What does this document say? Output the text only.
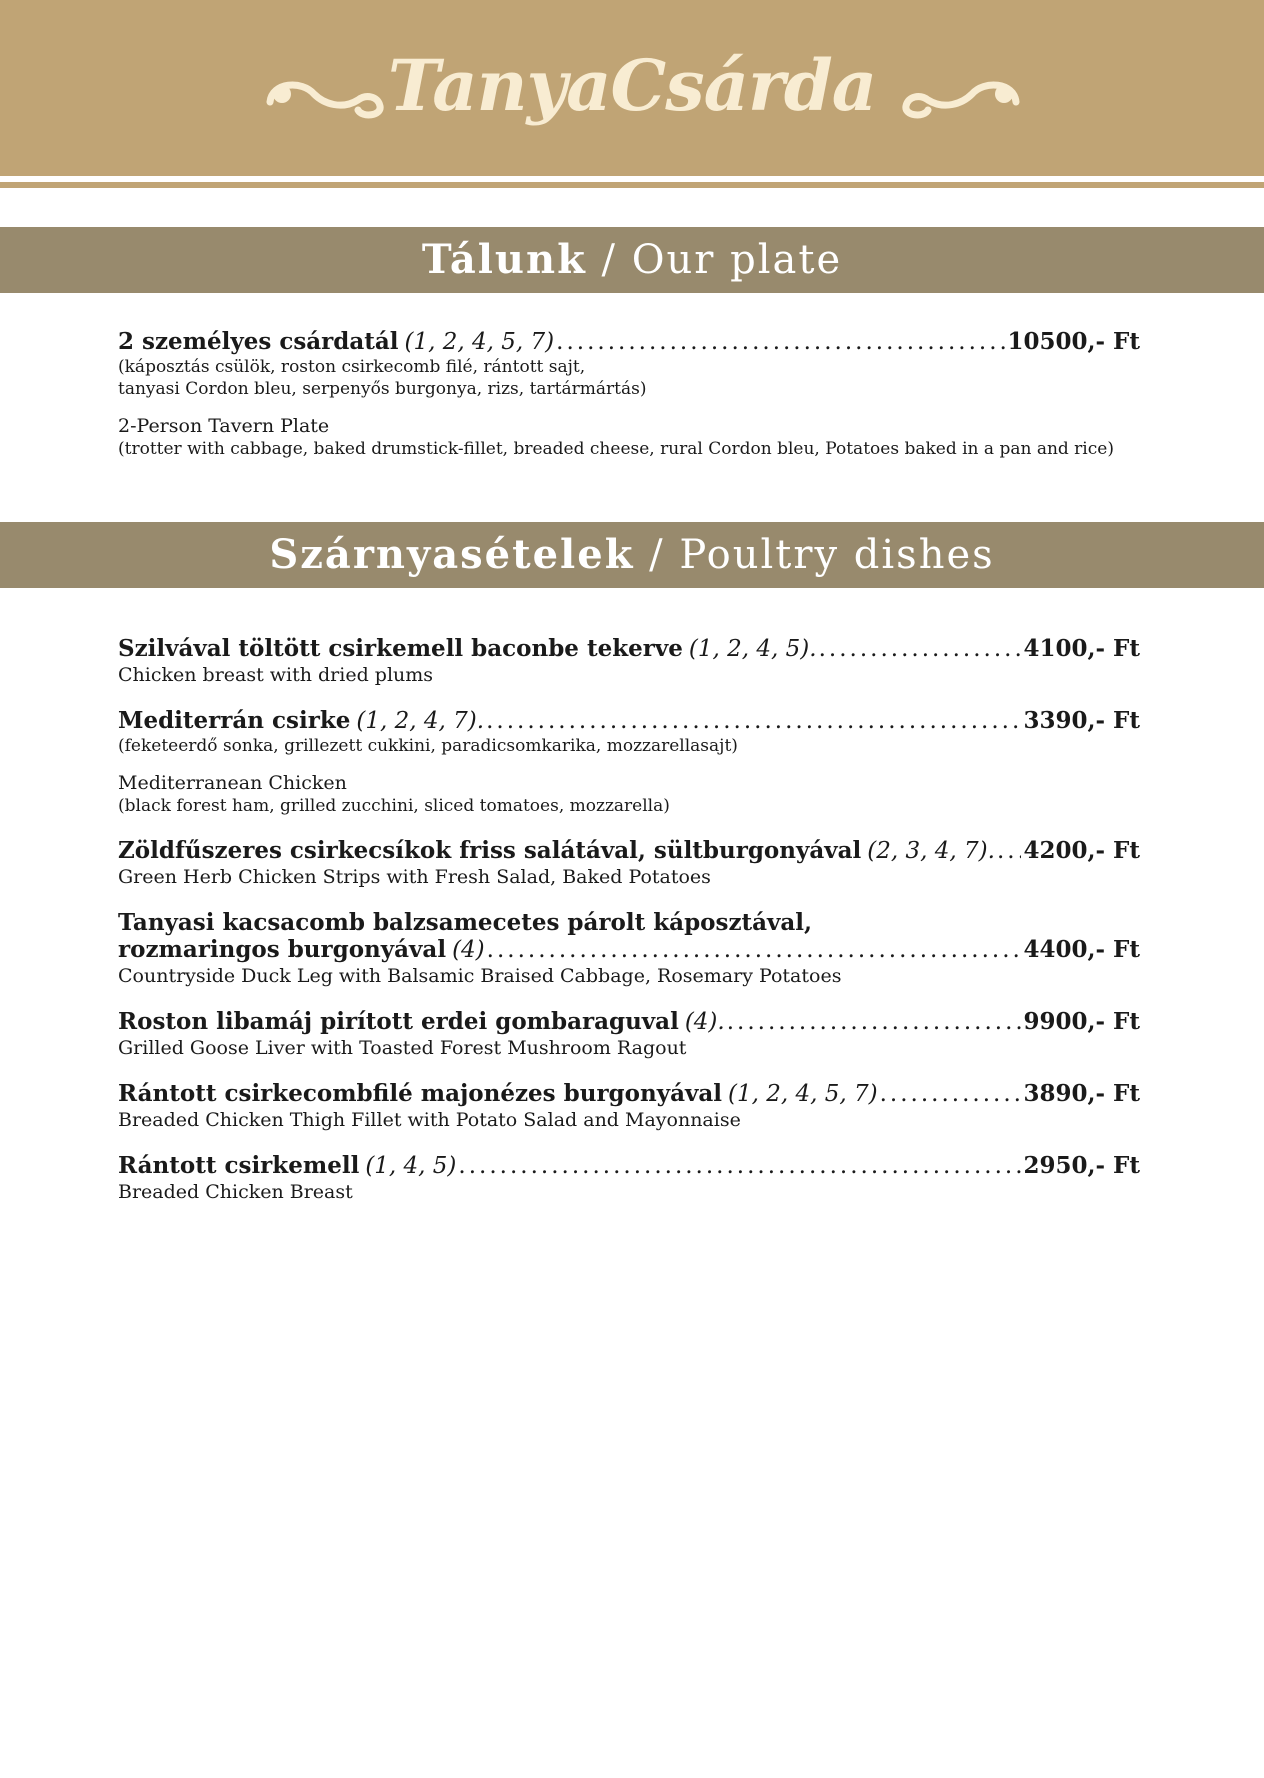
TanyaCsárda
Tálunk / Our plate
2 személyes csárdatál (1, 2, 4, 5, 7) .....	10500,- Ft
(káposztás csülök, roston csirkecomb filé, rántott sajt,
tanyasi Cordon bleu, serpenyős burgonya, rizs, tartármártás)
2-Person Tavern Plate
(trotter with cabbage, baked drumstick-fillet, breaded cheese, rural Cordon bleu, Potatoes baked in a pan and rice)
Szárnyasételek / Poultry dishes
Szilvával töltött csirkemell baconbe tekerve (1, 2, 4, 5). .....	4100,- Ft
Chicken breast with dried plums
Mediterrán csirke (1, 2, 4, 7). .....	3390,- Ft
(feketeerdő sonka, grillezett cukkini, paradicsomkarika, mozzarellasajt)
Mediterranean Chicken
(black forest ham, grilled zucchini, sliced tomatoes, mozzarella)
Zöldfűszeres csirkecsíkok friss salátával, sültburgonyával (2, 3, 4, 7). ..... 4200,- Ft
Green Herb Chicken Strips with Fresh Salad, Baked Potatoes
Tanyasi kacsacomb balzsamecetes párolt káposztával,
rozmaringos burgonyával (4) .....	4400,- Ft
Countryside Duck Leg with Balsamic Braised Cabbage, Rosemary Potatoes
Roston libamáj pirított erdei gombaraguval (4). .....	9900,- Ft
Grilled Goose Liver with Toasted Forest Mushroom Ragout
Rántott csirkecombfilé majonézes burgonyával (1, 2, 4, 5, 7) .....	3890,- Ft
Breaded Chicken Thigh Fillet with Potato Salad and Mayonnaise
Rántott csirkemell (1, 4, 5) .....	2950,- Ft
Breaded Chicken Breast
